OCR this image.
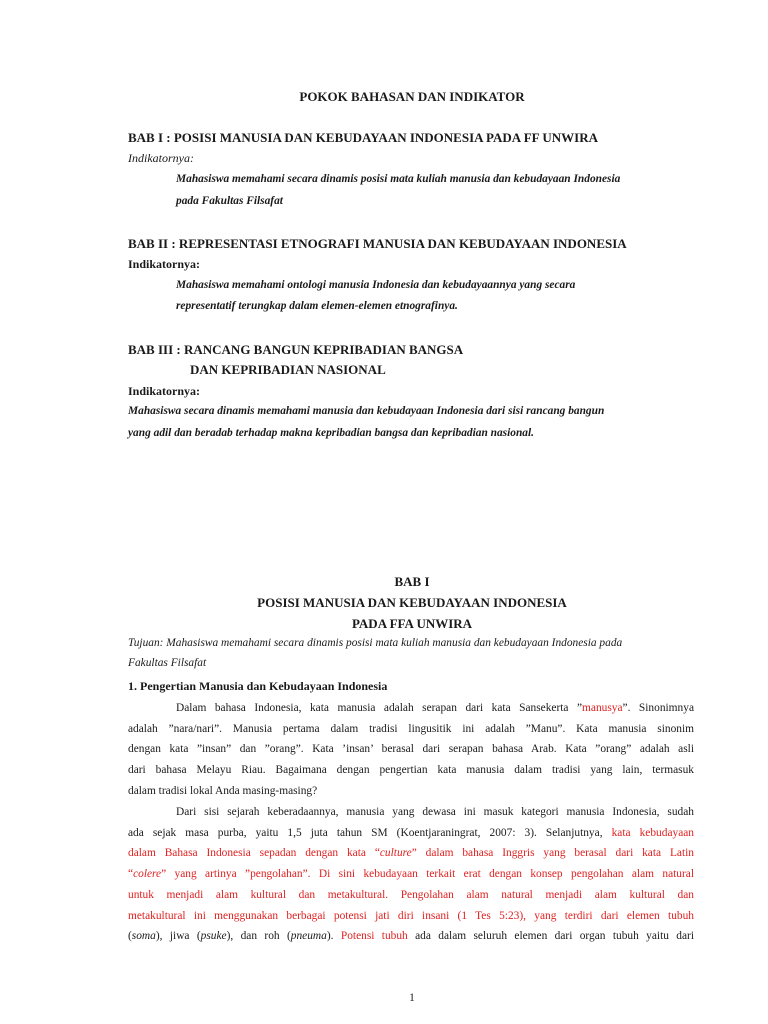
POKOK BAHASAN DAN INDIKATOR
BAB I : POSISI MANUSIA DAN KEBUDAYAAN INDONESIA PADA FF UNWIRA
Indikatornya:
Mahasiswa memahami secara dinamis posisi mata kuliah manusia dan kebudayaan Indonesia
pada Fakultas Filsafat
BAB II : REPRESENTASI ETNOGRAFI MANUSIA DAN KEBUDAYAAN INDONESIA
Indikatornya:
Mahasiswa memahami ontologi manusia Indonesia dan kebudayaannya yang secara
representatif terungkap dalam elemen-elemen etnografinya.
BAB III : RANCANG BANGUN KEPRIBADIAN BANGSA
DAN KEPRIBADIAN NASIONAL
Indikatornya:
Mahasiswa secara dinamis memahami manusia dan kebudayaan Indonesia dari sisi rancang bangun
yang adil dan beradab terhadap makna kepribadian bangsa dan kepribadian nasional.
BAB I
POSISI MANUSIA DAN KEBUDAYAAN INDONESIA
PADA FFA UNWIRA
Tujuan: Mahasiswa memahami secara dinamis posisi mata kuliah manusia dan kebudayaan Indonesia pada
Fakultas Filsafat
1. Pengertian Manusia dan Kebudayaan Indonesia
Dalam bahasa Indonesia, kata manusia adalah serapan dari kata Sansekerta ”manusya”. Sinonimnya
adalah ”nara/nari”. Manusia pertama dalam tradisi lingusitik ini adalah ”Manu”. Kata manusia sinonim
dengan kata ”insan” dan ”orang”. Kata ’insan’ berasal dari serapan bahasa Arab. Kata ”orang” adalah asli
dari bahasa Melayu Riau. Bagaimana dengan pengertian kata manusia dalam tradisi yang lain, termasuk
dalam tradisi lokal Anda masing-masing?
Dari sisi sejarah keberadaannya, manusia yang dewasa ini masuk kategori manusia Indonesia, sudah
ada sejak masa purba, yaitu 1,5 juta tahun SM (Koentjaraningrat, 2007: 3). Selanjutnya, kata kebudayaan
dalam Bahasa Indonesia sepadan dengan kata “culture” dalam bahasa Inggris yang berasal dari kata Latin
“colere” yang artinya ”pengolahan”. Di sini kebudayaan terkait erat dengan konsep pengolahan alam natural
untuk menjadi alam kultural dan metakultural. Pengolahan alam natural menjadi alam kultural dan
metakultural ini menggunakan berbagai potensi jati diri insani (1 Tes 5:23), yang terdiri dari elemen tubuh
(soma), jiwa (psuke), dan roh (pneuma). Potensi tubuh ada dalam seluruh elemen dari organ tubuh yaitu dari
1
